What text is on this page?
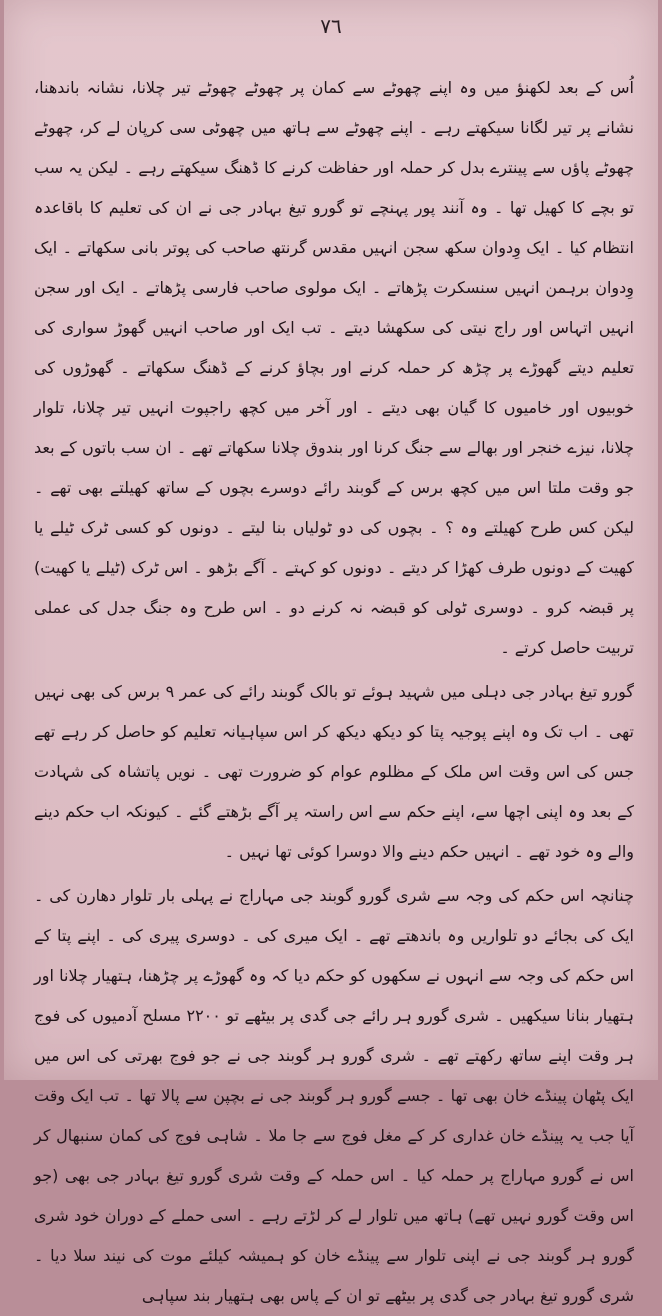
٧٦

اُس کے بعد لکھنؤ میں وہ اپنے چھوٹے سے کمان پر چھوٹے چھوٹے تیر چلانا، نشانہ باندھنا، نشانے پر تیر لگانا سیکھتے رہے ۔ اپنے چھوٹے سے ہاتھ میں چھوٹی سی کرپان لے کر، چھوٹے چھوٹے پاؤں سے پینترے بدل کر حملہ اور حفاظت کرنے کا ڈھنگ سیکھتے رہے ۔ لیکن یہ سب تو بچے کا کھیل تھا ۔ وہ آنند پور پہنچے تو گورو تیغ بہادر جی نے ان کی تعلیم کا باقاعدہ انتظام کیا ۔ ایک وِدوان سکھ سجن انہیں مقدس گرنتھ صاحب کی پوتر بانی سکھاتے ۔ ایک وِدوان برہمن انہیں سنسکرت پڑھاتے ۔ ایک مولوی صاحب فارسی پڑھاتے ۔ ایک اور سجن انہیں اتہاس اور راج نیتی کی سکھشا دیتے ۔ تب ایک اور صاحب انہیں گھوڑ سواری کی تعلیم دیتے گھوڑے پر چڑھ کر حملہ کرنے اور بچاؤ کرنے کے ڈھنگ سکھاتے ۔ گھوڑوں کی خوبیوں اور خامیوں کا گیان بھی دیتے ۔ اور آخر میں کچھ راجپوت انہیں تیر چلانا، تلوار چلانا، نیزے خنجر اور بھالے سے جنگ کرنا اور بندوق چلانا سکھاتے تھے ۔ ان سب باتوں کے بعد جو وقت ملتا اس میں کچھ برس کے گوبند رائے دوسرے بچوں کے ساتھ کھیلتے بھی تھے ۔ لیکن کس طرح کھیلتے وہ ؟ ۔ بچوں کی دو ٹولیاں بنا لیتے ۔ دونوں کو کسی ٹرک ٹیلے یا کھیت کے دونوں طرف کھڑا کر دیتے ۔ دونوں کو کہتے ۔ آگے بڑھو ۔ اس ٹرک (ٹیلے یا کھیت) پر قبضہ کرو ۔ دوسری ٹولی کو قبضہ نہ کرنے دو ۔ اس طرح وہ جنگ جدل کی عملی تربیت حاصل کرتے ۔

گورو تیغ بہادر جی دہلی میں شہید ہوئے تو بالک گوبند رائے کی عمر ۹ برس کی بھی نہیں تھی ۔ اب تک وہ اپنے پوجیہ پتا کو دیکھ دیکھ کر اس سپاہیانہ تعلیم کو حاصل کر رہے تھے جس کی اس وقت اس ملک کے مظلوم عوام کو ضرورت تھی ۔ نویں پاتشاہ کی شہادت کے بعد وہ اپنی اچھا سے، اپنے حکم سے اس راستہ پر آگے بڑھتے گئے ۔ کیونکہ اب حکم دینے والے وہ خود تھے ۔ انہیں حکم دینے والا دوسرا کوئی تھا نہیں ۔

چنانچہ اس حکم کی وجہ سے شری گورو گوبند جی مہاراج نے پہلی بار تلوار دھارن کی ۔ ایک کی بجائے دو تلواریں وہ باندھتے تھے ۔ ایک میری کی ۔ دوسری پیری کی ۔ اپنے پتا کے اس حکم کی وجہ سے انہوں نے سکھوں کو حکم دیا کہ وہ گھوڑے پر چڑھنا، ہتھیار چلانا اور ہتھیار بنانا سیکھیں ۔ شری گورو ہر رائے جی گدی پر بیٹھے تو ۲۲۰۰ مسلح آدمیوں کی فوج ہر وقت اپنے ساتھ رکھتے تھے ۔ شری گورو ہر گوبند جی نے جو فوج بھرتی کی اس میں ایک پٹھان پینڈے خان بھی تھا ۔ جسے گورو ہر گوبند جی نے بچپن سے پالا تھا ۔ تب ایک وقت آیا جب یہ پینڈے خان غداری کر کے مغل فوج سے جا ملا ۔ شاہی فوج کی کمان سنبھال کر اس نے گورو مہاراج پر حملہ کیا ۔ اس حملہ کے وقت شری گورو تیغ بہادر جی بھی (جو اس وقت گورو نہیں تھے) ہاتھ میں تلوار لے کر لڑتے رہے ۔ اسی حملے کے دوران خود شری گورو ہر گوبند جی نے اپنی تلوار سے پینڈے خان کو ہمیشہ کیلئے موت کی نیند سلا دیا ۔ شری گورو تیغ بہادر جی گدی پر بیٹھے تو ان کے پاس بھی ہتھیار بند سپاہی
